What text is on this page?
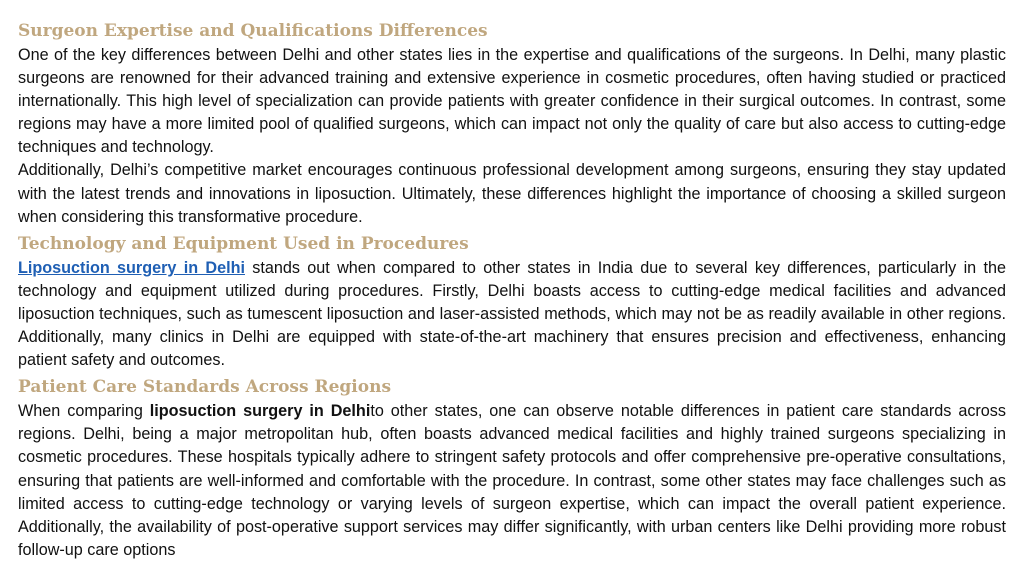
Surgeon Expertise and Qualifications Differences

One of the key differences between Delhi and other states lies in the expertise and qualifications of the surgeons. In Delhi, many plastic surgeons are renowned for their advanced training and extensive experience in cosmetic procedures, often having studied or practiced internationally. This high level of specialization can provide patients with greater confidence in their surgical outcomes. In contrast, some regions may have a more limited pool of qualified surgeons, which can impact not only the quality of care but also access to cutting-edge techniques and technology.

Additionally, Delhi’s competitive market encourages continuous professional development among surgeons, ensuring they stay updated with the latest trends and innovations in liposuction. Ultimately, these differences highlight the importance of choosing a skilled surgeon when considering this transformative procedure.

Technology and Equipment Used in Procedures

Liposuction surgery in Delhi stands out when compared to other states in India due to several key differences, particularly in the technology and equipment utilized during procedures. Firstly, Delhi boasts access to cutting-edge medical facilities and advanced liposuction techniques, such as tumescent liposuction and laser-assisted methods, which may not be as readily available in other regions. Additionally, many clinics in Delhi are equipped with state-of-the-art machinery that ensures precision and effectiveness, enhancing patient safety and outcomes.

Patient Care Standards Across Regions

When comparing liposuction surgery in Delhito other states, one can observe notable differences in patient care standards across regions. Delhi, being a major metropolitan hub, often boasts advanced medical facilities and highly trained surgeons specializing in cosmetic procedures. These hospitals typically adhere to stringent safety protocols and offer comprehensive pre-operative consultations, ensuring that patients are well-informed and comfortable with the procedure. In contrast, some other states may face challenges such as limited access to cutting-edge technology or varying levels of surgeon expertise, which can impact the overall patient experience. Additionally, the availability of post-operative support services may differ significantly, with urban centers like Delhi providing more robust follow-up care options
